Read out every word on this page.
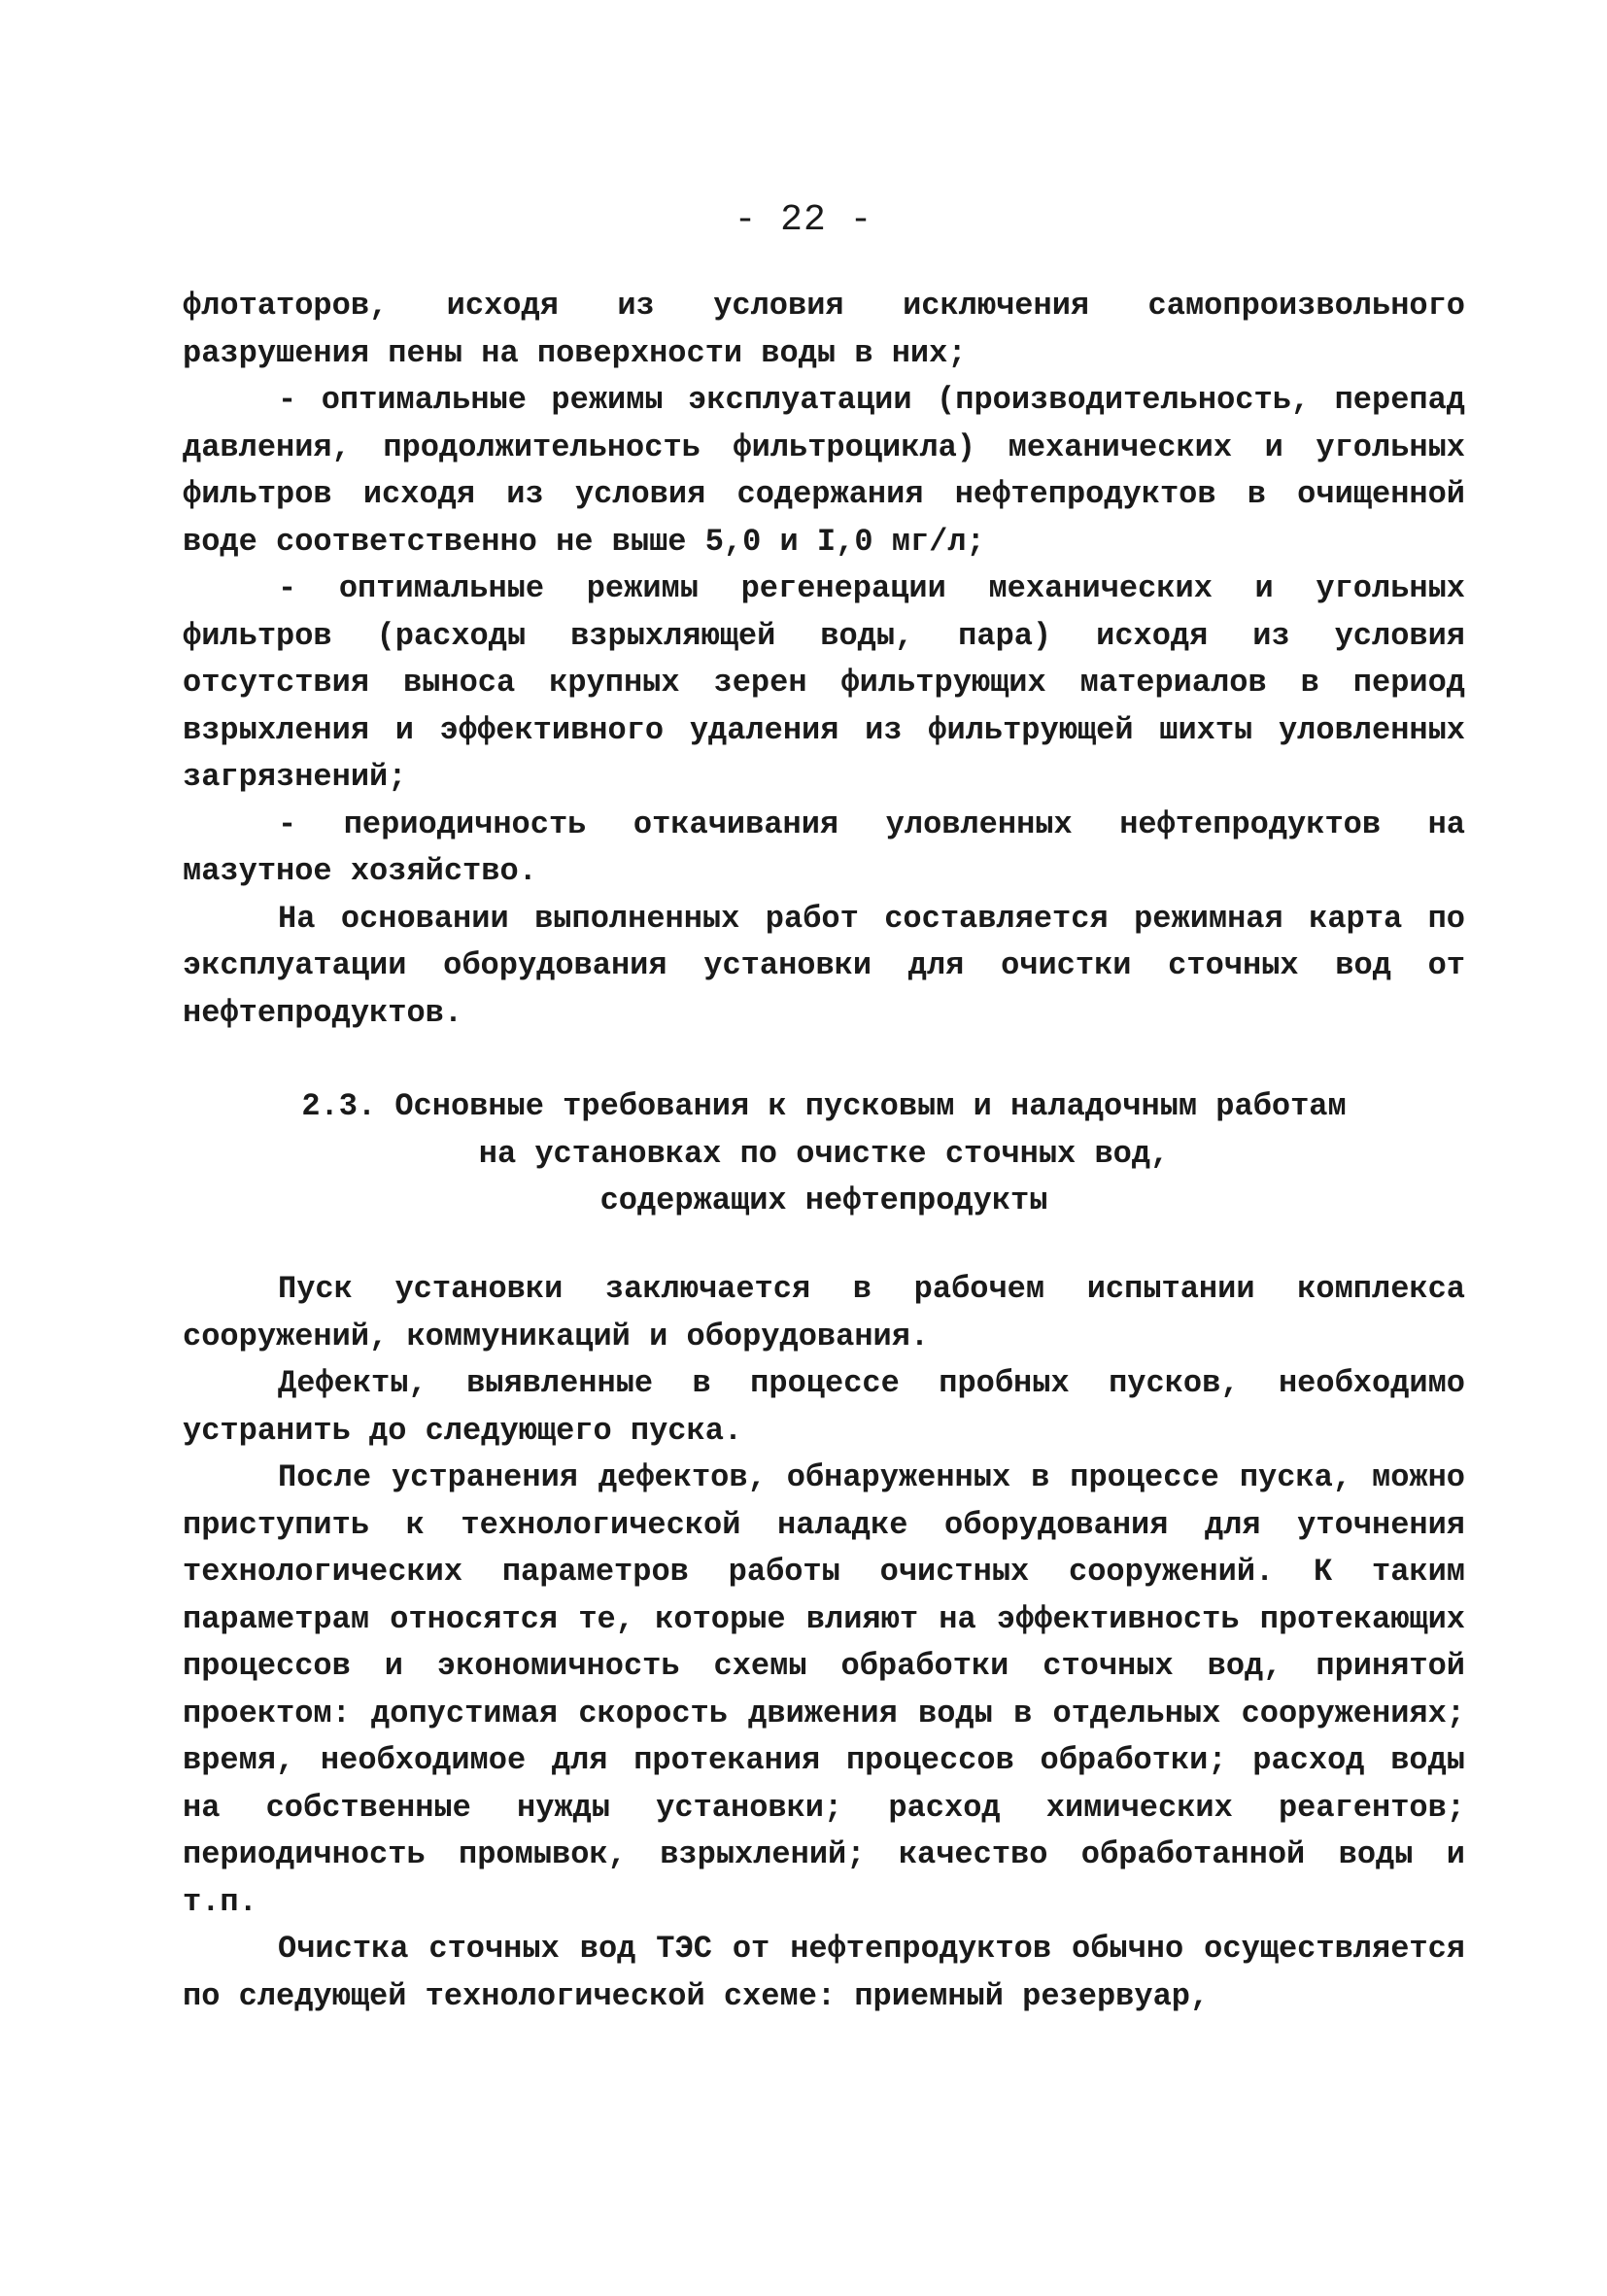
- 22 -

флотаторов, исходя из условия исключения самопроизвольного разрушения пены на поверхности воды в них;

- оптимальные режимы эксплуатации (производительность, перепад давления, продолжительность фильтроцикла) механических и угольных фильтров исходя из условия содержания нефтепродуктов в очищенной воде соответственно не выше 5,0 и I,0 мг/л;

- оптимальные режимы регенерации механических и угольных фильтров (расходы взрыхляющей воды, пара) исходя из условия отсутствия выноса крупных зерен фильтрующих материалов в период взрыхления и эффективного удаления из фильтрующей шихты уловленных загрязнений;

- периодичность откачивания уловленных нефтепродуктов на мазутное хозяйство.

На основании выполненных работ составляется режимная карта по эксплуатации оборудования установки для очистки сточных вод от нефтепродуктов.

2.3. Основные требования к пусковым и наладочным работам
на установках по очистке сточных вод,
содержащих нефтепродукты

Пуск установки заключается в рабочем испытании комплекса сооружений, коммуникаций и оборудования.

Дефекты, выявленные в процессе пробных пусков, необходимо устранить до следующего пуска.

После устранения дефектов, обнаруженных в процессе пуска, можно приступить к технологической наладке оборудования для уточнения технологических параметров работы очистных сооружений. К таким параметрам относятся те, которые влияют на эффективность протекающих процессов и экономичность схемы обработки сточных вод, принятой проектом: допустимая скорость движения воды в отдельных сооружениях; время, необходимое для протекания процессов обработки; расход воды на собственные нужды установки; расход химических реагентов; периодичность промывок, взрыхлений; качество обработанной воды и т.п.

Очистка сточных вод ТЭС от нефтепродуктов обычно осуществляется по следующей технологической схеме: приемный резервуар,
